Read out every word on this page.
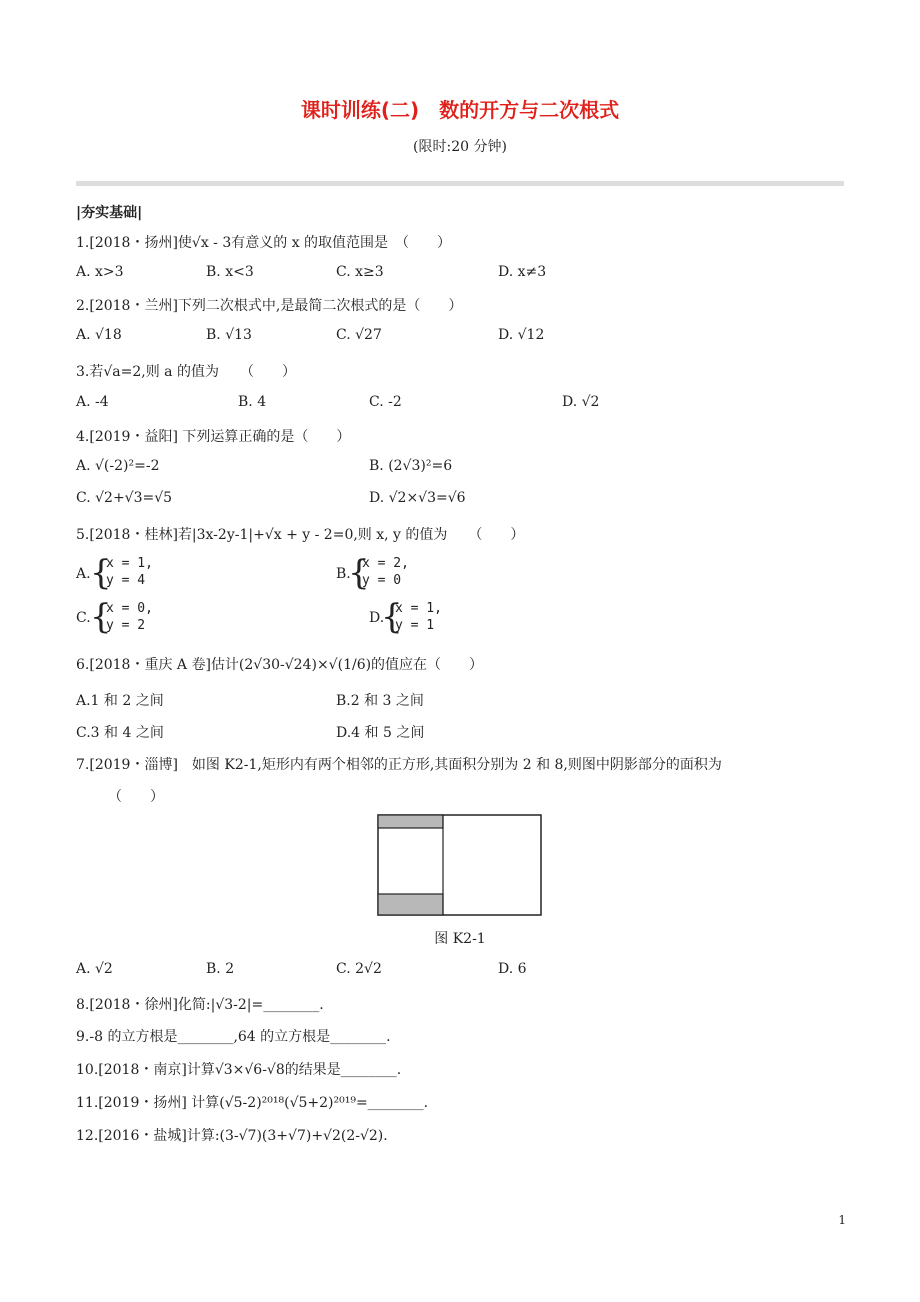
课时训练(二)　数的开方与二次根式
(限时:20 分钟)
|夯实基础|
1.[2018・扬州]使√x - 3有意义的 x 的取值范围是　（　　）
A. x>3	B. x<3	C. x≥3	D. x≠3
2.[2018・兰州]下列二次根式中,是最简二次根式的是（　　）
A. √18	B. √13	C. √27	D. √12
3.若√a=2,则 a 的值为　　（　　）
A. -4	B. 4	C. -2	D. √2
4.[2019・益阳] 下列运算正确的是（　　）
A. √(-2)²=-2	B. (2√3)²=6
C. √2+√3=√5	D. √2×√3=√6
5.[2018・桂林]若|3x-2y-1|+√x + y - 2=0,则 x, y 的值为　　（　　）
A. {
x = 1,
y = 4	B.
{
x = 2,
y = 0
C. {
x = 0,
y = 2	D.
{
x = 1,
y = 1
6.[2018・重庆 A 卷]估计(2√30-√24)×√(1/6)的值应在（　　）
A.1 和 2 之间	B.2 和 3 之间
C.3 和 4 之间	D.4 和 5 之间
7.[2019・淄博]　如图 K2-1,矩形内有两个相邻的正方形,其面积分别为 2 和 8,则图中阴影部分的面积为
（　　）
图 K2-1
A. √2	B. 2	C. 2√2	D. 6
8.[2018・徐州]化简:|√3-2|=________.
9.-8 的立方根是________,64 的立方根是________.
10.[2018・南京]计算√3×√6-√8的结果是________.
11.[2019・扬州] 计算(√5-2)²⁰¹⁸(√5+2)²⁰¹⁹=________.
12.[2016・盐城]计算:(3-√7)(3+√7)+√2(2-√2).
1
